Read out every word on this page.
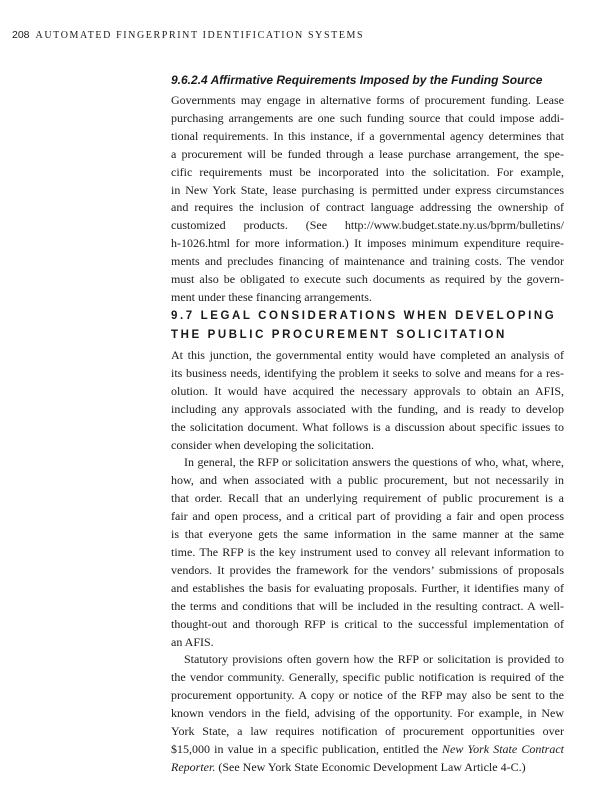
208 AUTOMATED FINGERPRINT IDENTIFICATION SYSTEMS
9.6.2.4 Affirmative Requirements Imposed by the Funding Source

Governments may engage in alternative forms of procurement funding. Lease
purchasing arrangements are one such funding source that could impose addi-
tional requirements. In this instance, if a governmental agency determines that
a procurement will be funded through a lease purchase arrangement, the spe-
cific requirements must be incorporated into the solicitation. For example,
in New York State, lease purchasing is permitted under express circumstances
and requires the inclusion of contract language addressing the ownership of
customized products. (See http://www.budget.state.ny.us/bprm/bulletins/
h-1026.html for more information.) It imposes minimum expenditure require-
ments and precludes financing of maintenance and training costs. The vendor
must also be obligated to execute such documents as required by the govern-
ment under these financing arrangements.

9.7 LEGAL CONSIDERATIONS WHEN DEVELOPING
THE PUBLIC PROCUREMENT SOLICITATION

At this junction, the governmental entity would have completed an analysis of
its business needs, identifying the problem it seeks to solve and means for a res-
olution. It would have acquired the necessary approvals to obtain an AFIS,
including any approvals associated with the funding, and is ready to develop
the solicitation document. What follows is a discussion about specific issues to
consider when developing the solicitation.

In general, the RFP or solicitation answers the questions of who, what, where,
how, and when associated with a public procurement, but not necessarily in
that order. Recall that an underlying requirement of public procurement is a
fair and open process, and a critical part of providing a fair and open process
is that everyone gets the same information in the same manner at the same
time. The RFP is the key instrument used to convey all relevant information to
vendors. It provides the framework for the vendors’ submissions of proposals
and establishes the basis for evaluating proposals. Further, it identifies many of
the terms and conditions that will be included in the resulting contract. A well-
thought-out and thorough RFP is critical to the successful implementation of
an AFIS.

Statutory provisions often govern how the RFP or solicitation is provided to
the vendor community. Generally, specific public notification is required of the
procurement opportunity. A copy or notice of the RFP may also be sent to the
known vendors in the field, advising of the opportunity. For example, in New
York State, a law requires notification of procurement opportunities over
$15,000 in value in a specific publication, entitled the New York State Contract
Reporter. (See New York State Economic Development Law Article 4-C.)
